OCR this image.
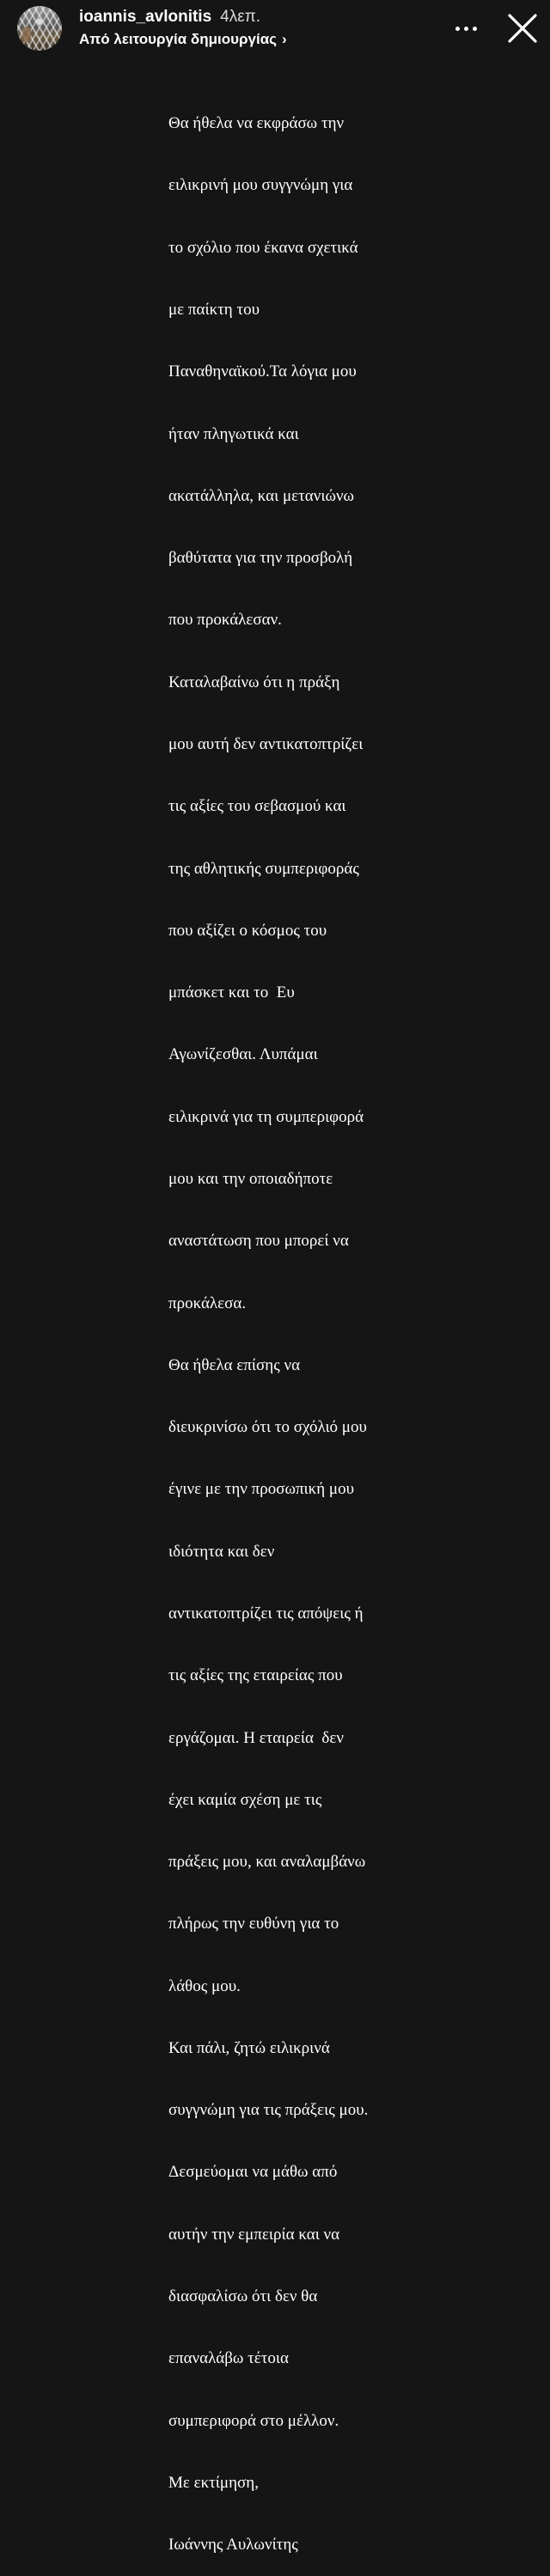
ioannis_avlonitis 4λεπ.
Από λειτουργία δημιουργίας ›

Θα ήθελα να εκφράσω την

ειλικρινή μου συγγνώμη για

το σχόλιο που έκανα σχετικά

με παίκτη του

Παναθηναϊκού.Τα λόγια μου

ήταν πληγωτικά και

ακατάλληλα, και μετανιώνω

βαθύτατα για την προσβολή

που προκάλεσαν.

Καταλαβαίνω ότι η πράξη

μου αυτή δεν αντικατοπτρίζει

τις αξίες του σεβασμού και

της αθλητικής συμπεριφοράς

που αξίζει ο κόσμος του

μπάσκετ και το  Ευ

Αγωνίζεσθαι. Λυπάμαι

ειλικρινά για τη συμπεριφορά

μου και την οποιαδήποτε

αναστάτωση που μπορεί να

προκάλεσα.

Θα ήθελα επίσης να

διευκρινίσω ότι το σχόλιό μου

έγινε με την προσωπική μου

ιδιότητα και δεν

αντικατοπτρίζει τις απόψεις ή

τις αξίες της εταιρείας που

εργάζομαι. Η εταιρεία  δεν

έχει καμία σχέση με τις

πράξεις μου, και αναλαμβάνω

πλήρως την ευθύνη για το

λάθος μου.

Και πάλι, ζητώ ειλικρινά

συγγνώμη για τις πράξεις μου.

Δεσμεύομαι να μάθω από

αυτήν την εμπειρία και να

διασφαλίσω ότι δεν θα

επαναλάβω τέτοια

συμπεριφορά στο μέλλον.

Με εκτίμηση,

Ιωάννης Αυλωνίτης
